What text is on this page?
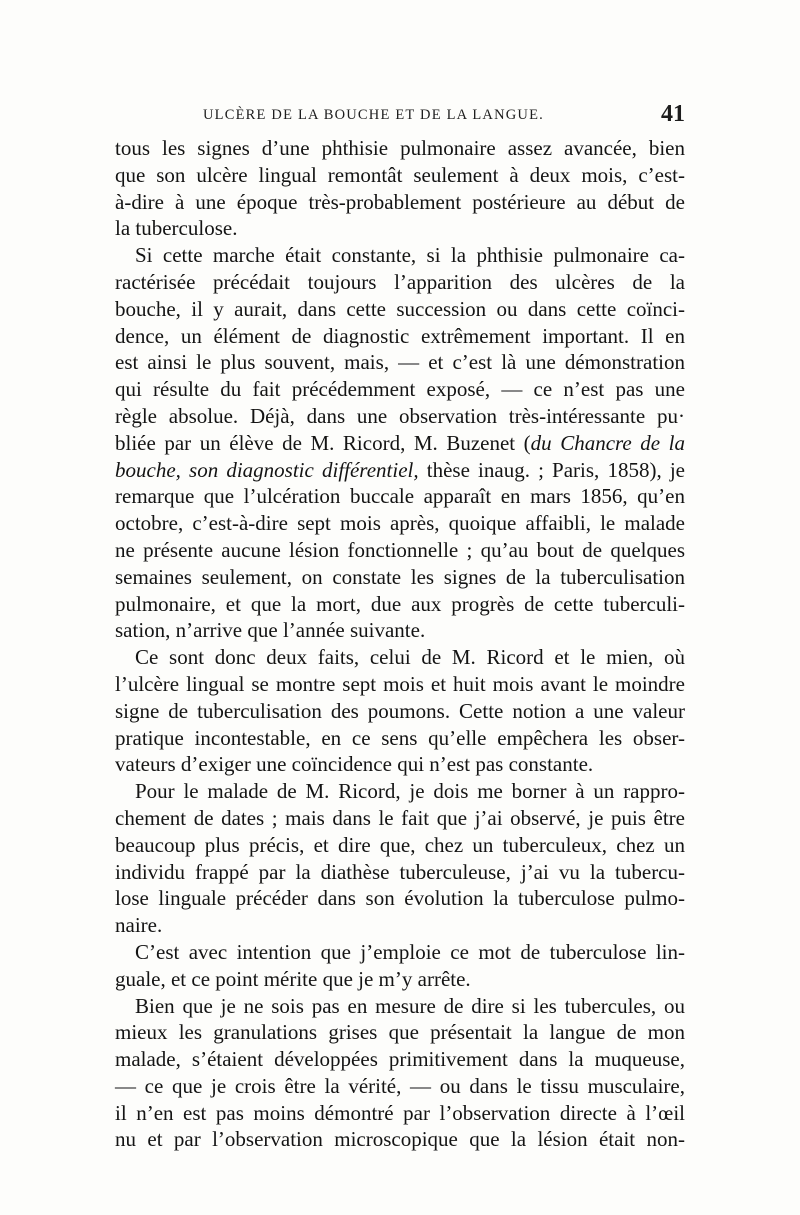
ULCÈRE DE LA BOUCHE ET DE LA LANGUE.	41

tous les signes d’une phthisie pulmonaire assez avancée, bien
que son ulcère lingual remontât seulement à deux mois, c’est-
à-dire à une époque très-probablement postérieure au début de
la tuberculose.

Si cette marche était constante, si la phthisie pulmonaire ca-
ractérisée précédait toujours l’apparition des ulcères de la
bouche, il y aurait, dans cette succession ou dans cette coïnci-
dence, un élément de diagnostic extrêmement important. Il en
est ainsi le plus souvent, mais, — et c’est là une démonstration
qui résulte du fait précédemment exposé, — ce n’est pas une
règle absolue. Déjà, dans une observation très-intéressante pu·
bliée par un élève de M. Ricord, M. Buzenet (du Chancre de la
bouche, son diagnostic différentiel, thèse inaug. ; Paris, 1858), je
remarque que l’ulcération buccale apparaît en mars 1856, qu’en
octobre, c’est-à-dire sept mois après, quoique affaibli, le malade
ne présente aucune lésion fonctionnelle ; qu’au bout de quelques
semaines seulement, on constate les signes de la tuberculisation
pulmonaire, et que la mort, due aux progrès de cette tuberculi-
sation, n’arrive que l’année suivante.

Ce sont donc deux faits, celui de M. Ricord et le mien, où
l’ulcère lingual se montre sept mois et huit mois avant le moindre
signe de tuberculisation des poumons. Cette notion a une valeur
pratique incontestable, en ce sens qu’elle empêchera les obser-
vateurs d’exiger une coïncidence qui n’est pas constante.

Pour le malade de M. Ricord, je dois me borner à un rappro-
chement de dates ; mais dans le fait que j’ai observé, je puis être
beaucoup plus précis, et dire que, chez un tuberculeux, chez un
individu frappé par la diathèse tuberculeuse, j’ai vu la tubercu-
lose linguale précéder dans son évolution la tuberculose pulmo-
naire.

C’est avec intention que j’emploie ce mot de tuberculose lin-
guale, et ce point mérite que je m’y arrête.

Bien que je ne sois pas en mesure de dire si les tubercules, ou
mieux les granulations grises que présentait la langue de mon
malade, s’étaient développées primitivement dans la muqueuse,
— ce que je crois être la vérité, — ou dans le tissu musculaire,
il n’en est pas moins démontré par l’observation directe à l’œil
nu et par l’observation microscopique que la lésion était non-
